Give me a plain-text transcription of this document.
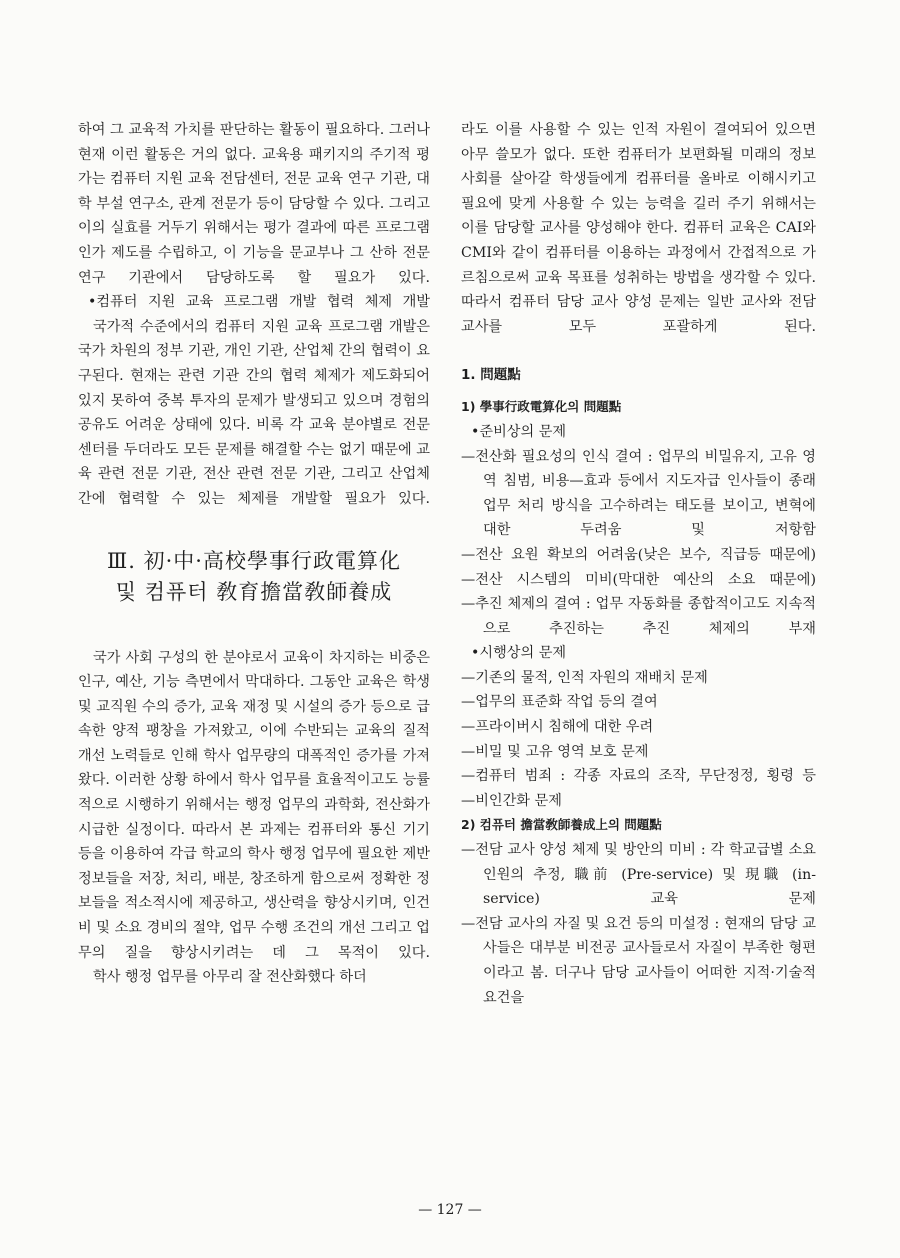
하여 그 교육적 가치를 판단하는 활동이 필요하다. 그러나 현재 이런 활동은 거의 없다. 교육용 패키지의 주기적 평가는 컴퓨터 지원 교육 전담센터, 전문 교육 연구 기관, 대학 부설 연구소, 관계 전문가 등이 담당할 수 있다. 그리고 이의 실효를 거두기 위해서는 평가 결과에 따른 프로그램 인가 제도를 수립하고, 이 기능을 문교부나 그 산하 전문 연구 기관에서 담당하도록 할 필요가 있다.

•컴퓨터 지원 교육 프로그램 개발 협력 체제 개발

국가적 수준에서의 컴퓨터 지원 교육 프로그램 개발은 국가 차원의 정부 기관, 개인 기관, 산업체 간의 협력이 요구된다. 현재는 관련 기관 간의 협력 체제가 제도화되어 있지 못하여 중복 투자의 문제가 발생되고 있으며 경험의 공유도 어려운 상태에 있다. 비록 각 교육 분야별로 전문 센터를 두더라도 모든 문제를 해결할 수는 없기 때문에 교육 관련 전문 기관, 전산 관련 전문 기관, 그리고 산업체 간에 협력할 수 있는 체제를 개발할 필요가 있다.

Ⅲ. 初·中·高校學事行政電算化
및 컴퓨터 敎育擔當敎師養成

국가 사회 구성의 한 분야로서 교육이 차지하는 비중은 인구, 예산, 기능 측면에서 막대하다. 그동안 교육은 학생 및 교직원 수의 증가, 교육 재정 및 시설의 증가 등으로 급속한 양적 팽창을 가져왔고, 이에 수반되는 교육의 질적 개선 노력들로 인해 학사 업무량의 대폭적인 증가를 가져왔다. 이러한 상황 하에서 학사 업무를 효율적이고도 능률적으로 시행하기 위해서는 행정 업무의 과학화, 전산화가 시급한 실정이다. 따라서 본 과제는 컴퓨터와 통신 기기 등을 이용하여 각급 학교의 학사 행정 업무에 필요한 제반 정보들을 저장, 처리, 배분, 창조하게 함으로써 정확한 정보들을 적소적시에 제공하고, 생산력을 향상시키며, 인건비 및 소요 경비의 절약, 업무 수행 조건의 개선 그리고 업무의 질을 향상시키려는 데 그 목적이 있다.

학사 행정 업무를 아무리 잘 전산화했다 하더

라도 이를 사용할 수 있는 인적 자원이 결여되어 있으면 아무 쓸모가 없다. 또한 컴퓨터가 보편화될 미래의 정보 사회를 살아갈 학생들에게 컴퓨터를 올바로 이해시키고 필요에 맞게 사용할 수 있는 능력을 길러 주기 위해서는 이를 담당할 교사를 양성해야 한다. 컴퓨터 교육은 CAI와 CMI와 같이 컴퓨터를 이용하는 과정에서 간접적으로 가르침으로써 교육 목표를 성취하는 방법을 생각할 수 있다. 따라서 컴퓨터 담당 교사 양성 문제는 일반 교사와 전담 교사를 모두 포괄하게 된다.

1. 問題點
1) 學事行政電算化의 問題點

•준비상의 문제

—전산화 필요성의 인식 결여 : 업무의 비밀유지, 고유 영역 침범, 비용—효과 등에서 지도자급 인사들이 종래 업무 처리 방식을 고수하려는 태도를 보이고, 변혁에 대한 두려움 및 저항함

—전산 요원 확보의 어려움(낮은 보수, 직급등 때문에)

—전산 시스템의 미비(막대한 예산의 소요 때문에)

—추진 체제의 결여 : 업무 자동화를 종합적이고도 지속적으로 추진하는 추진 체제의 부재

•시행상의 문제

—기존의 물적, 인적 자원의 재배치 문제

—업무의 표준화 작업 등의 결여

—프라이버시 침해에 대한 우려

—비밀 및 고유 영역 보호 문제

—컴퓨터 범죄 : 각종 자료의 조작, 무단정정, 횡령 등

—비인간화 문제

2) 컴퓨터 擔當敎師養成上의 問題點

—전담 교사 양성 체제 및 방안의 미비 : 각 학교급별 소요 인원의 추정, 職前 (Pre-service) 및 現職 (in-service) 교육 문제

—전담 교사의 자질 및 요건 등의 미설정 : 현재의 담당 교사들은 대부분 비전공 교사들로서 자질이 부족한 형편이라고 봄. 더구나 담당 교사들이 어떠한 지적·기술적 요건을

— 127 —
